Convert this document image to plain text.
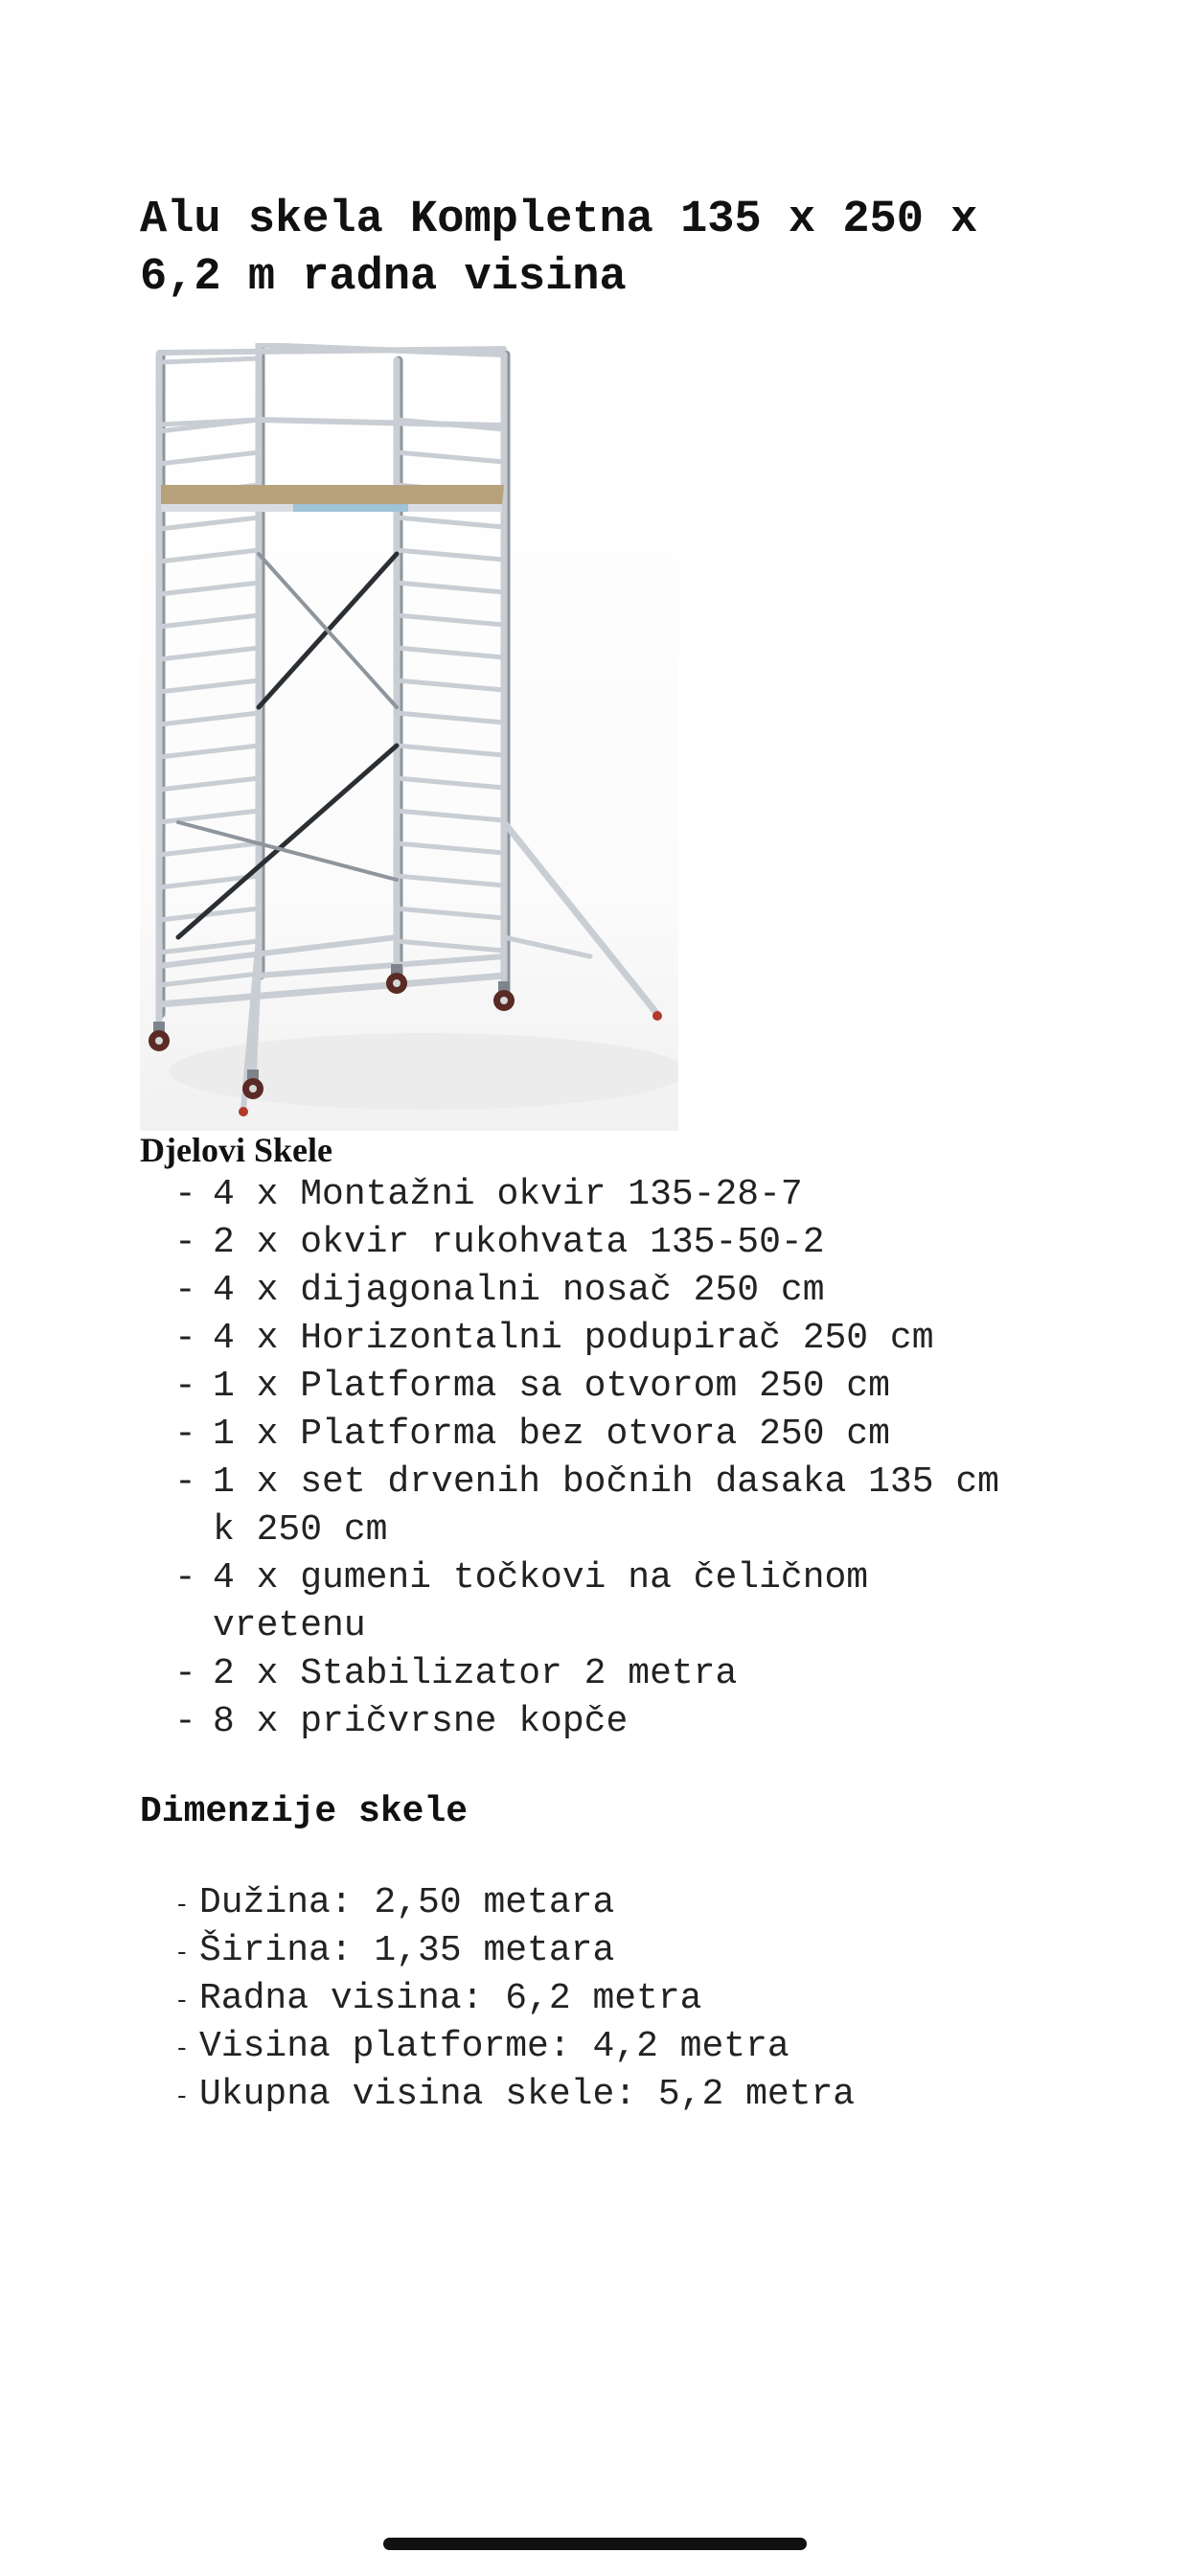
Alu skela Kompletna 135 x 250 x 6,2 m radna visina
Djelovi Skele
- 4 x Montažni okvir 135-28-7
- 2 x okvir rukohvata 135-50-2
- 4 x dijagonalni nosač 250 cm
- 4 x Horizontalni podupirač 250 cm
- 1 x Platforma sa otvorom 250 cm
- 1 x Platforma bez otvora 250 cm
- 1 x set drvenih bočnih dasaka 135 cm k 250 cm
- 4 x gumeni točkovi na čeličnom vretenu
- 2 x Stabilizator 2 metra
- 8 x pričvrsne kopče
Dimenzije skele
- Dužina: 2,50 metara
- Širina: 1,35 metara
- Radna visina: 6,2 metra
- Visina platforme: 4,2 metra
- Ukupna visina skele: 5,2 metra
